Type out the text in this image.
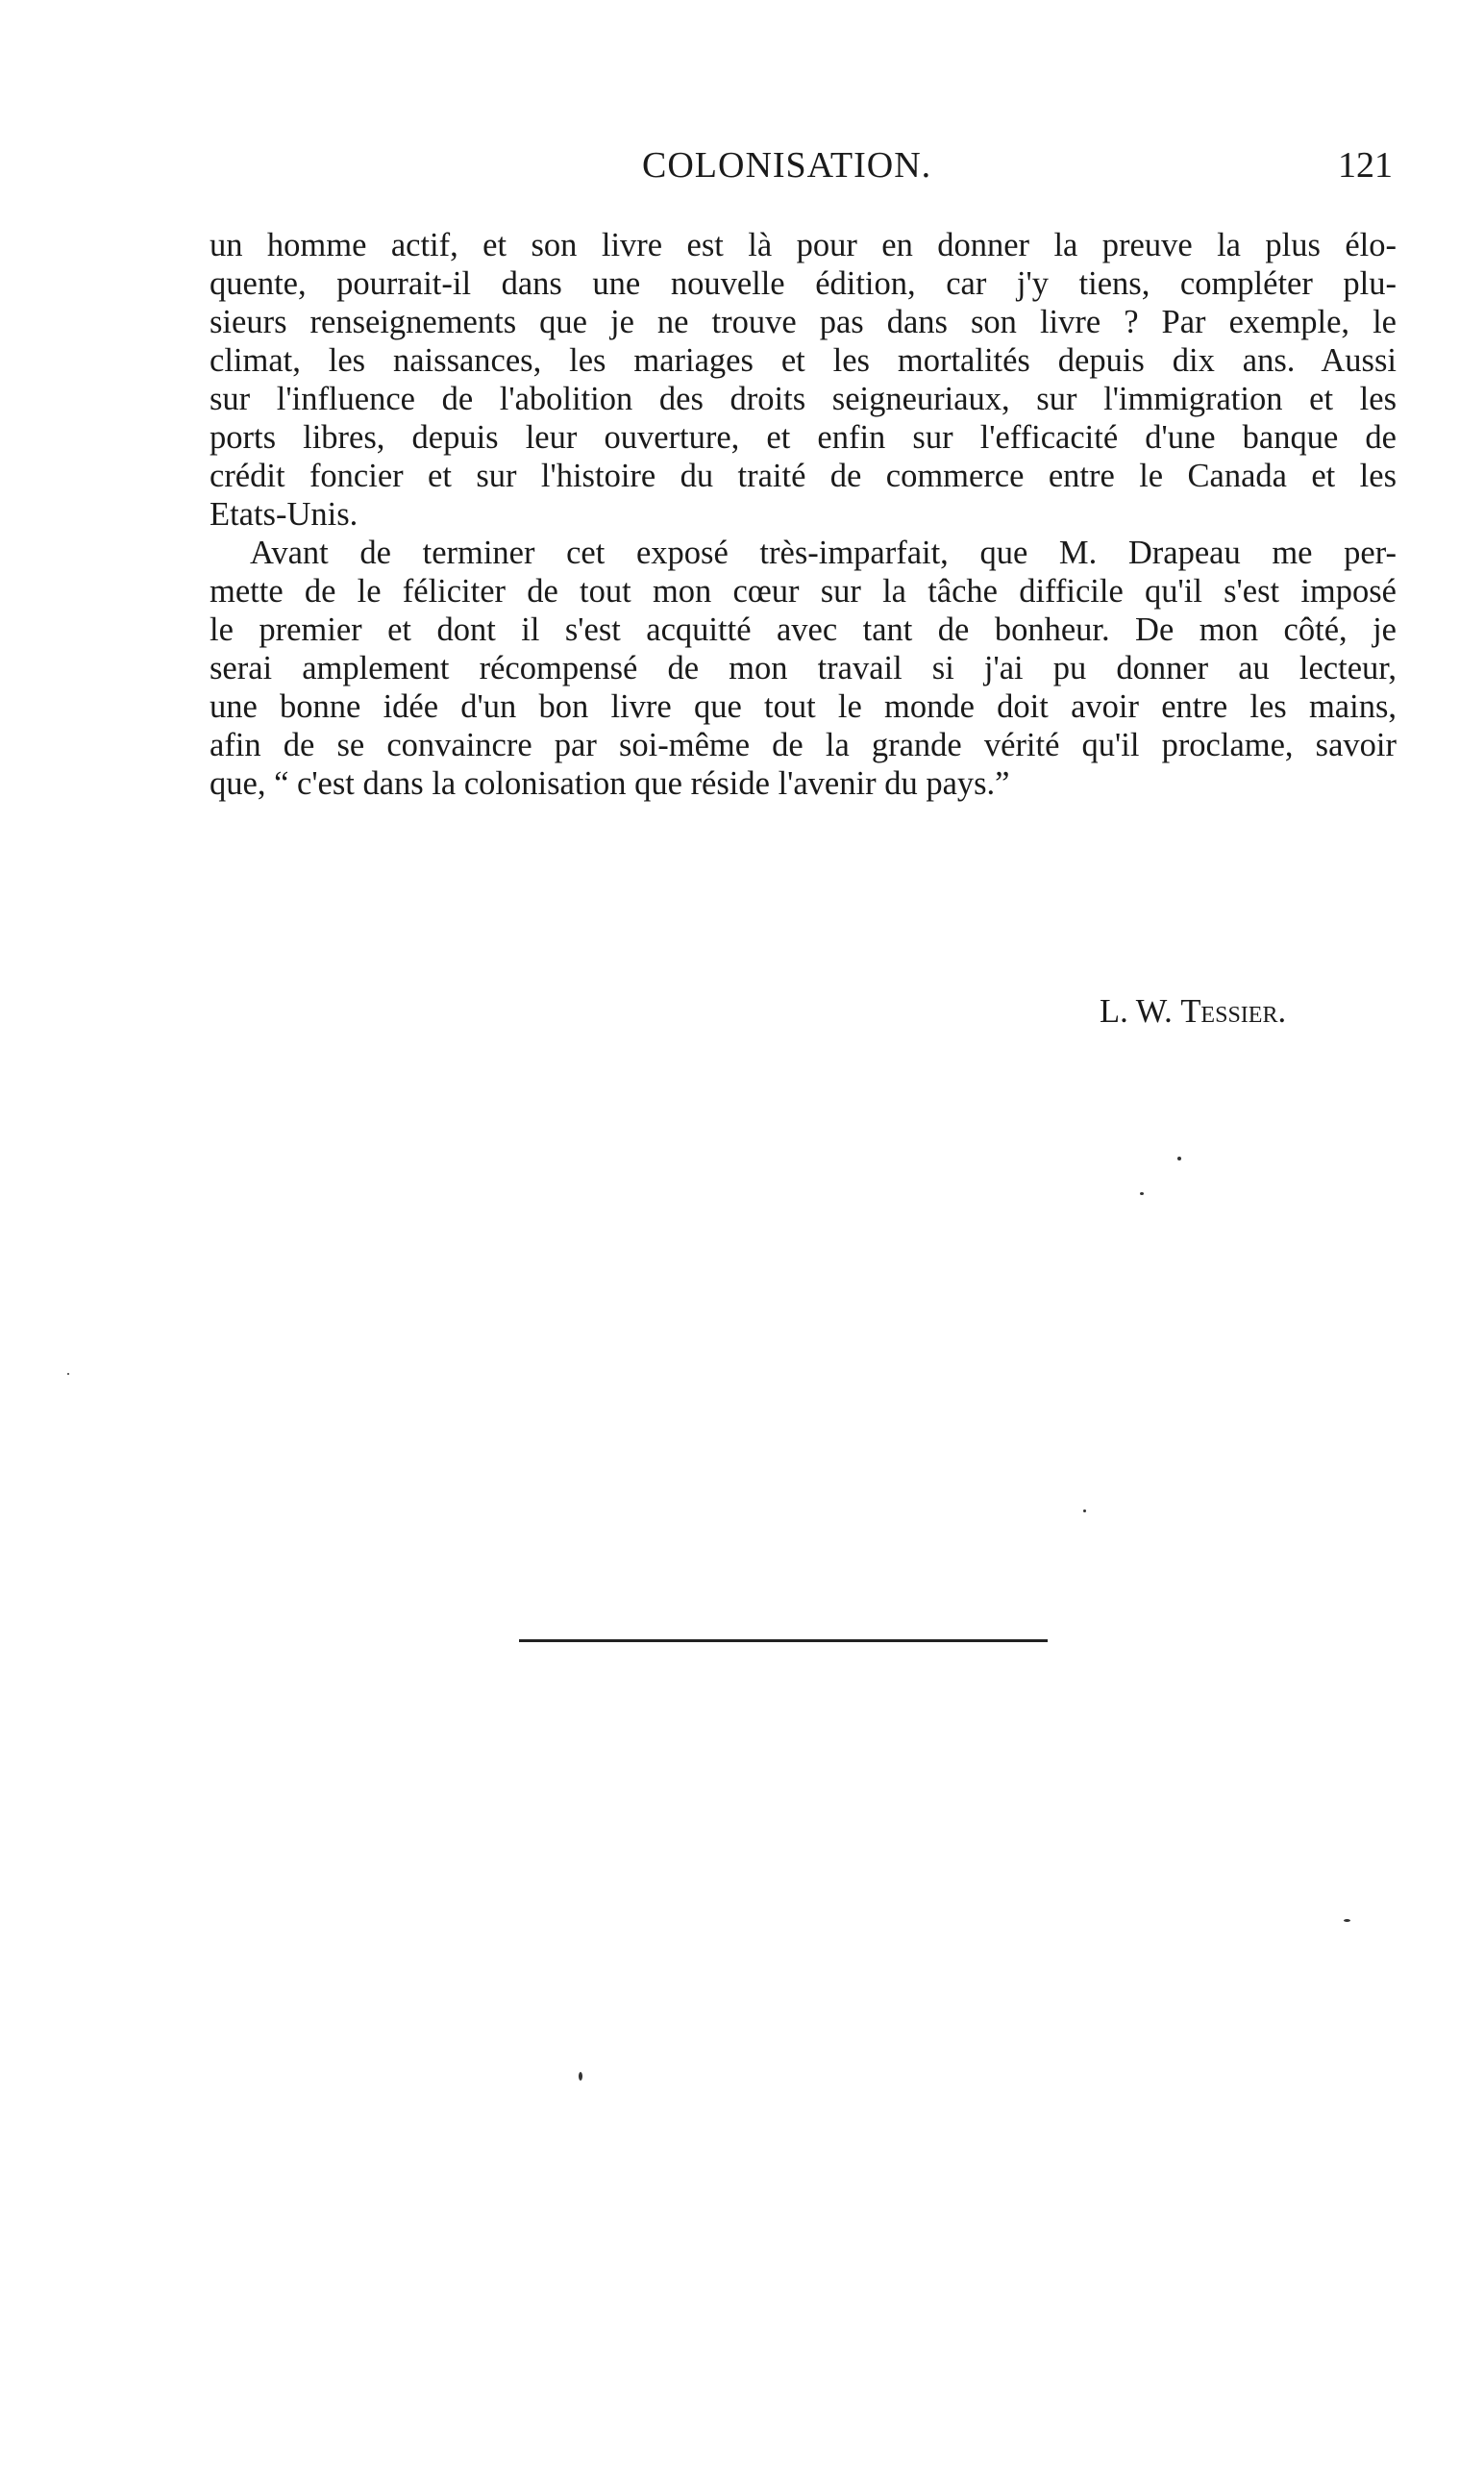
COLONISATION.	121
un homme actif, et son livre est là pour en donner la preuve la plus élo-
quente, pourrait-il dans une nouvelle édition, car j'y tiens, compléter plu-
sieurs renseignements que je ne trouve pas dans son livre ? Par exemple, le
climat, les naissances, les mariages et les mortalités depuis dix ans. Aussi
sur l'influence de l'abolition des droits seigneuriaux, sur l'immigration et les
ports libres, depuis leur ouverture, et enfin sur l'efficacité d'une banque de
crédit foncier et sur l'histoire du traité de commerce entre le Canada et les
Etats-Unis.
Avant de terminer cet exposé très-imparfait, que M. Drapeau me per-
mette de le féliciter de tout mon cœur sur la tâche difficile qu'il s'est imposé
le premier et dont il s'est acquitté avec tant de bonheur. De mon côté, je
serai amplement récompensé de mon travail si j'ai pu donner au lecteur,
une bonne idée d'un bon livre que tout le monde doit avoir entre les mains,
afin de se convaincre par soi-même de la grande vérité qu'il proclame, savoir
que, “ c'est dans la colonisation que réside l'avenir du pays.”
L. W. Tessier.
